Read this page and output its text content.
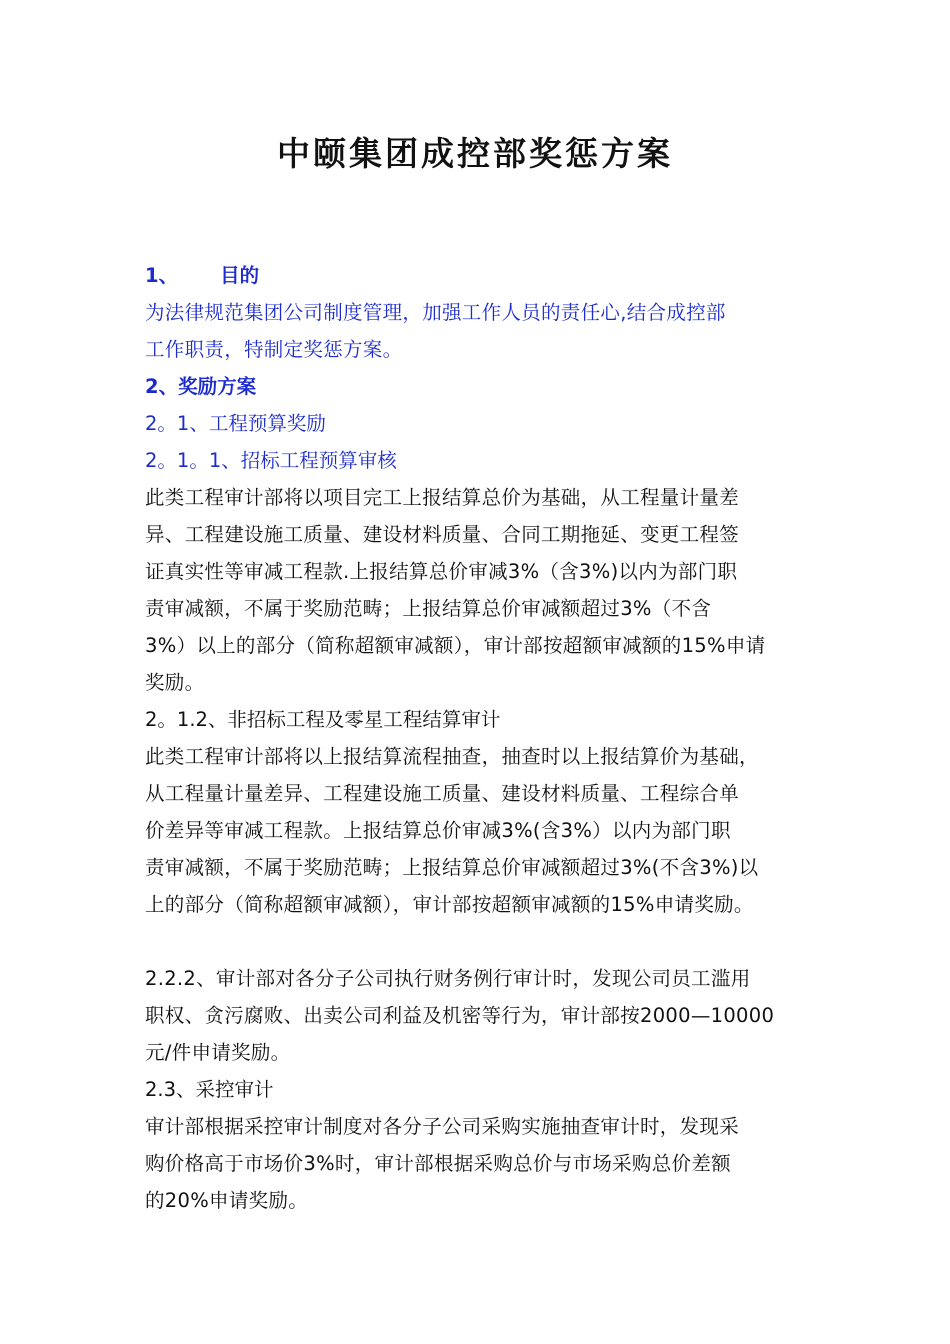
中颐集团成控部奖惩方案
1、 目的
为法律规范集团公司制度管理，加强工作人员的责任心,结合成控部
工作职责，特制定奖惩方案。
2、奖励方案
2。1、工程预算奖励
2。1。1、招标工程预算审核
此类工程审计部将以项目完工上报结算总价为基础，从工程量计量差
异、工程建设施工质量、建设材料质量、合同工期拖延、变更工程签
证真实性等审减工程款.上报结算总价审减3%（含3%)以内为部门职
责审减额，不属于奖励范畴；上报结算总价审减额超过3%（不含
3%）以上的部分（简称超额审减额），审计部按超额审减额的15%申请
奖励。
2。1.2、非招标工程及零星工程结算审计
此类工程审计部将以上报结算流程抽查，抽查时以上报结算价为基础，
从工程量计量差异、工程建设施工质量、建设材料质量、工程综合单
价差异等审减工程款。上报结算总价审减3%(含3%）以内为部门职
责审减额，不属于奖励范畴；上报结算总价审减额超过3%(不含3%)以
上的部分（简称超额审减额），审计部按超额审减额的15%申请奖励。
2.2.2、审计部对各分子公司执行财务例行审计时，发现公司员工滥用
职权、贪污腐败、出卖公司利益及机密等行为，审计部按2000—10000
元/件申请奖励。
2.3、采控审计
审计部根据采控审计制度对各分子公司采购实施抽查审计时，发现采
购价格高于市场价3%时，审计部根据采购总价与市场采购总价差额
的20%申请奖励。
